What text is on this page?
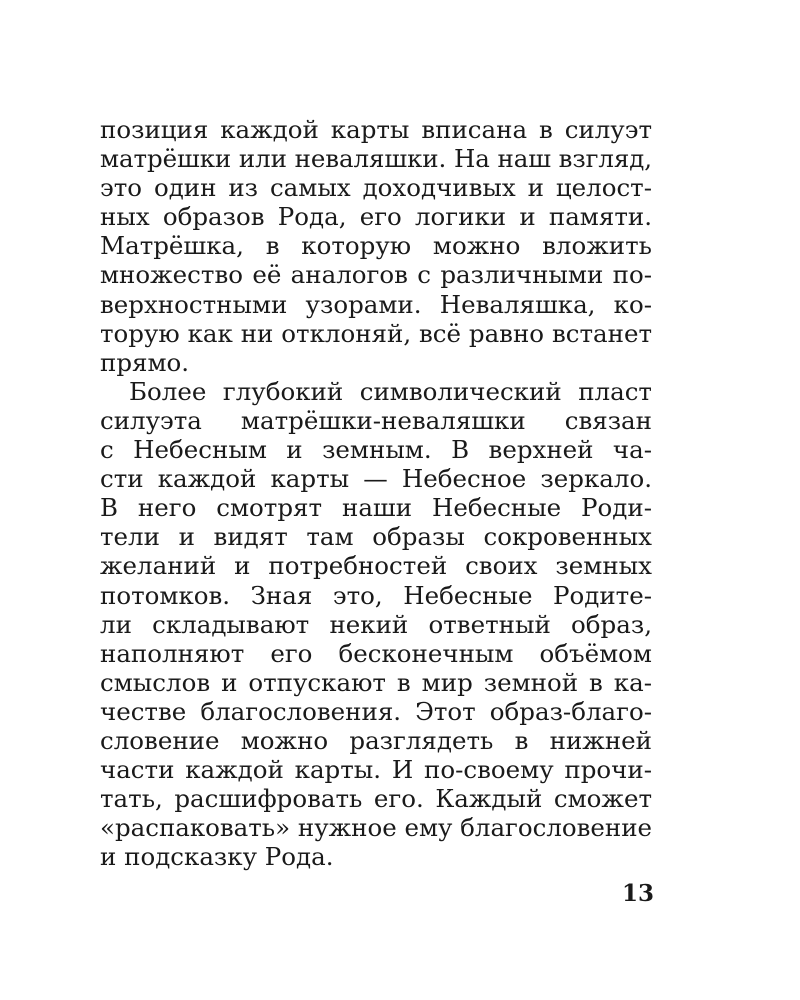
позиция каждой карты вписана в силуэт
матрёшки или неваляшки. На наш взгляд,
это один из самых доходчивых и целост-
ных образов Рода, его логики и памяти.
Матрёшка, в которую можно вложить
множество её аналогов с различными по-
верхностными узорами. Неваляшка, ко-
торую как ни отклоняй, всё равно встанет
прямо.
Более глубокий символический пласт
силуэта матрёшки-неваляшки связан
с Небесным и земным. В верхней ча-
сти каждой карты — Небесное зеркало.
В него смотрят наши Небесные Роди-
тели и видят там образы сокровенных
желаний и потребностей своих земных
потомков. Зная это, Небесные Родите-
ли складывают некий ответный образ,
наполняют его бесконечным объёмом
смыслов и отпускают в мир земной в ка-
честве благословения. Этот образ-благо-
словение можно разглядеть в нижней
части каждой карты. И по-своему прочи-
тать, расшифровать его. Каждый сможет
«распаковать» нужное ему благословение
и подсказку Рода.
13
